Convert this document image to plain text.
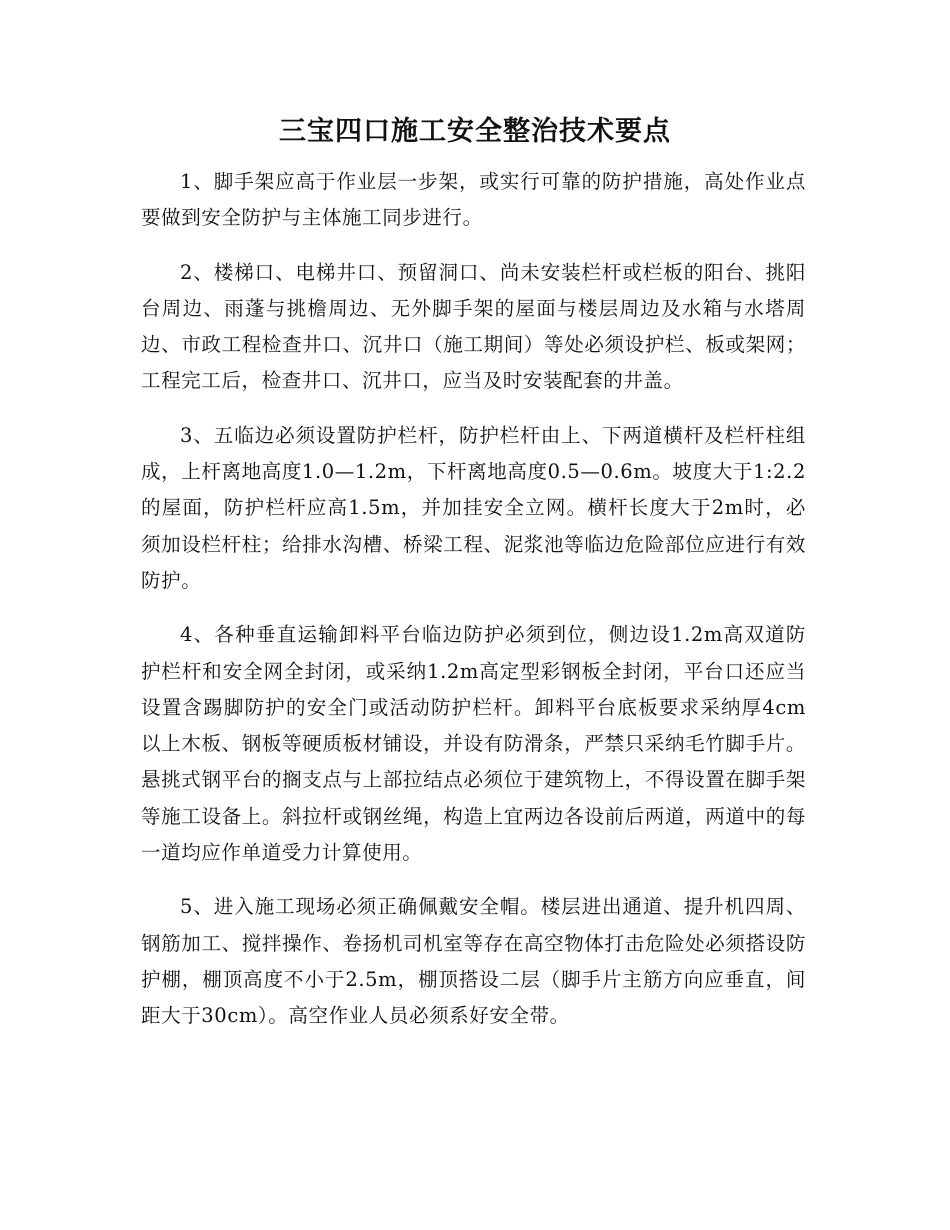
三宝四口施工安全整治技术要点

1、脚手架应高于作业层一步架，或实行可靠的防护措施，高处作业点要做到安全防护与主体施工同步进行。

2、楼梯口、电梯井口、预留洞口、尚未安装栏杆或栏板的阳台、挑阳台周边、雨蓬与挑檐周边、无外脚手架的屋面与楼层周边及水箱与水塔周边、市政工程检查井口、沉井口（施工期间）等处必须设护栏、板或架网；工程完工后，检查井口、沉井口，应当及时安装配套的井盖。

3、五临边必须设置防护栏杆，防护栏杆由上、下两道横杆及栏杆柱组成，上杆离地高度1.0—1.2m，下杆离地高度0.5—0.6m。坡度大于1:2.2 的屋面，防护栏杆应高1.5m，并加挂安全立网。横杆长度大于2m时，必须加设栏杆柱；给排水沟槽、桥梁工程、泥浆池等临边危险部位应进行有效防护。

4、各种垂直运输卸料平台临边防护必须到位，侧边设1.2m高双道防护栏杆和安全网全封闭，或采纳1.2m高定型彩钢板全封闭，平台口还应当设置含踢脚防护的安全门或活动防护栏杆。卸料平台底板要求采纳厚4cm以上木板、钢板等硬质板材铺设，并设有防滑条，严禁只采纳毛竹脚手片。悬挑式钢平台的搁支点与上部拉结点必须位于建筑物上，不得设置在脚手架等施工设备上。斜拉杆或钢丝绳，构造上宜两边各设前后两道，两道中的每一道均应作单道受力计算使用。

5、进入施工现场必须正确佩戴安全帽。楼层进出通道、提升机四周、钢筋加工、搅拌操作、卷扬机司机室等存在高空物体打击危险处必须搭设防护棚，棚顶高度不小于2.5m，棚顶搭设二层（脚手片主筋方向应垂直，间距大于30cm）。高空作业人员必须系好安全带。
